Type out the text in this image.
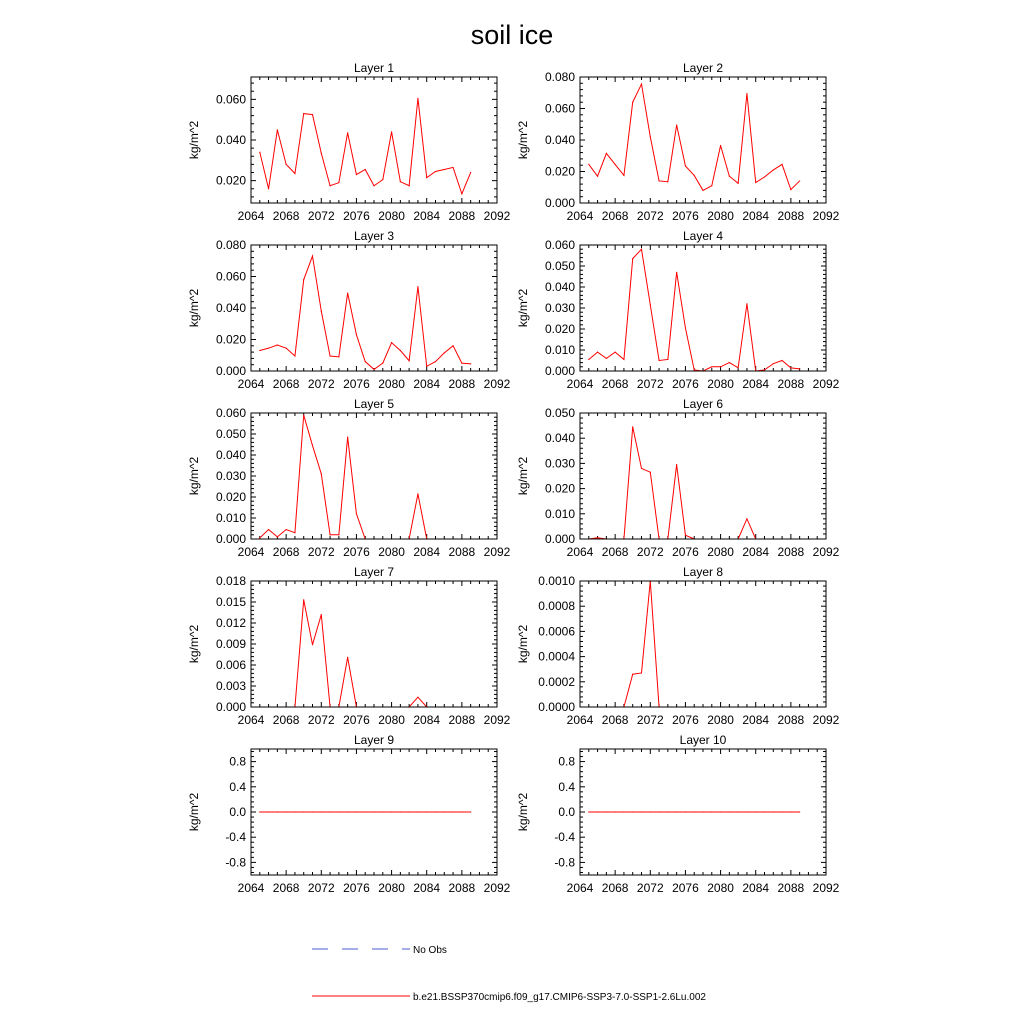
soil ice
Layer 1
kg/m^2
2064 2068 2072 2076 2080 2084 2088 2092
0.020
0.040
0.060
Layer 2
kg/m^2
2064 2068 2072 2076 2080 2084 2088 2092
0.000
0.020
0.040
0.060
0.080
Layer 3
kg/m^2
2064 2068 2072 2076 2080 2084 2088 2092
0.000
0.020
0.040
0.060
0.080
Layer 4
kg/m^2
2064 2068 2072 2076 2080 2084 2088 2092
0.000
0.010
0.020
0.030
0.040
0.050
0.060
Layer 5
kg/m^2
2064 2068 2072 2076 2080 2084 2088 2092
0.000
0.010
0.020
0.030
0.040
0.050
0.060
Layer 6
kg/m^2
2064 2068 2072 2076 2080 2084 2088 2092
0.000
0.010
0.020
0.030
0.040
0.050
Layer 7
kg/m^2
2064 2068 2072 2076 2080 2084 2088 2092
0.000
0.003
0.006
0.009
0.012
0.015
0.018
Layer 8
kg/m^2
2064 2068 2072 2076 2080 2084 2088 2092
0.0000
0.0002
0.0004
0.0006
0.0008
0.0010
Layer 9
kg/m^2
2064 2068 2072 2076 2080 2084 2088 2092
-0.8
-0.4
0.0
0.4
0.8
Layer 10
kg/m^2
2064 2068 2072 2076 2080 2084 2088 2092
-0.8
-0.4
0.0
0.4
0.8
No Obs
b.e21.BSSP370cmip6.f09_g17.CMIP6-SSP3-7.0-SSP1-2.6Lu.002
